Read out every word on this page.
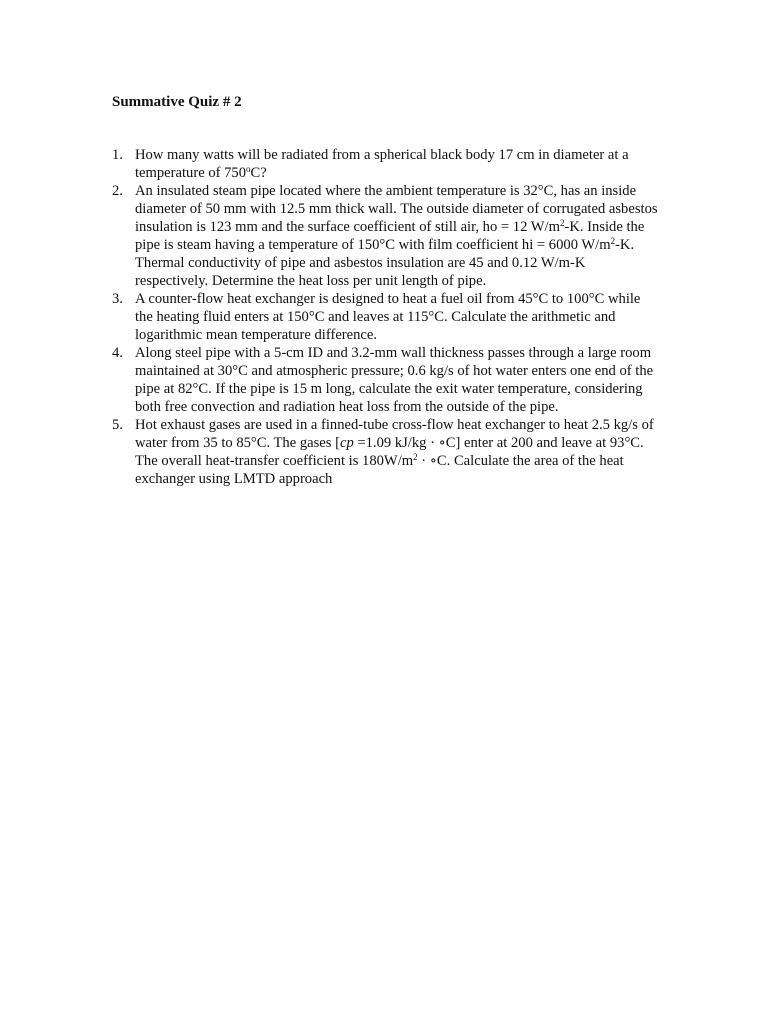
Summative Quiz # 2
1. How many watts will be radiated from a spherical black body 17 cm in diameter at a
temperature of 750$^o$C?
2. An insulated steam pipe located where the ambient temperature is 32°C, has an inside
diameter of 50 mm with 12.5 mm thick wall. The outside diameter of corrugated asbestos
insulation is 123 mm and the surface coefficient of still air, ho = 12 $W/m^2-K$. Inside the
pipe is steam having a temperature of 150°C with film coefficient hi = 6000 $W/m^2-K$.
Thermal conductivity of pipe and asbestos insulation are 45 and 0.12 W/m-K
respectively. Determine the heat loss per unit length of pipe.
3. A counter-flow heat exchanger is designed to heat a fuel oil from 45°C to 100°C while
the heating fluid enters at 150°C and leaves at 115°C. Calculate the arithmetic and
logarithmic mean temperature difference.
4. Along steel pipe with a 5-cm ID and 3.2-mm wall thickness passes through a large room
maintained at 30°C and atmospheric pressure; 0.6 kg/s of hot water enters one end of the
pipe at 82°C. If the pipe is 15 m long, calculate the exit water temperature, considering
both free convection and radiation heat loss from the outside of the pipe.
5. Hot exhaust gases are used in a finned-tube cross-flow heat exchanger to heat 2.5 kg/s of
water from 35 to 85°C. The gases [cp =1.09 kJ/kg · ∘C] enter at 200 and leave at 93°C.
The overall heat-transfer coefficient is $180W/m^2$ · ∘C. Calculate the area of the heat
exchanger using LMTD approach
